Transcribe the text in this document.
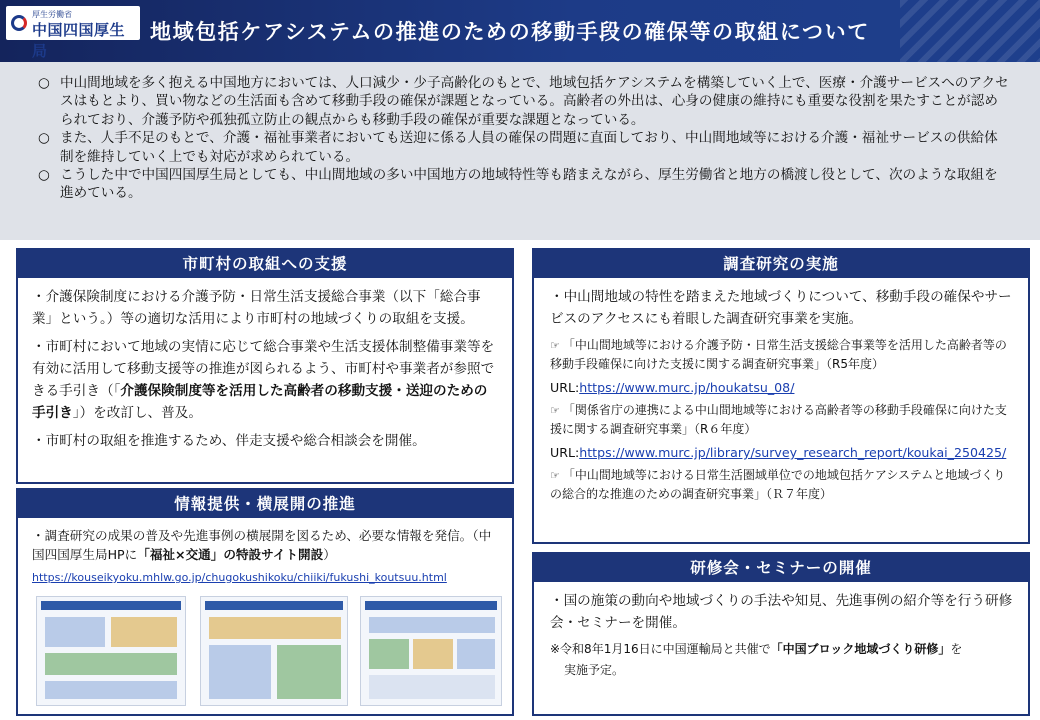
厚生労働省
中国四国厚生局
地域包括ケアシステムの推進のための移動手段の確保等の取組について

○ 中山間地域を多く抱える中国地方においては、人口減少・少子高齢化のもとで、地域包括ケアシステムを構築していく上で、医療・介護サービスへのアクセスはもとより、買い物などの生活面も含めて移動手段の確保が課題となっている。高齢者の外出は、心身の健康の維持にも重要な役割を果たすことが認められており、介護予防や孤独孤立防止の観点からも移動手段の確保が重要な課題となっている。

○ また、人手不足のもとで、介護・福祉事業者においても送迎に係る人員の確保の問題に直面しており、中山間地域等における介護・福祉サービスの供給体制を維持していく上でも対応が求められている。

○ こうした中で中国四国厚生局としても、中山間地域の多い中国地方の地域特性等も踏まえながら、厚生労働省と地方の橋渡し役として、次のような取組を進めている。

市町村の取組への支援

・介護保険制度における介護予防・日常生活支援総合事業（以下「総合事業」という。）等の適切な活用により市町村の地域づくりの取組を支援。

・市町村において地域の実情に応じて総合事業や生活支援体制整備事業等を有効に活用して移動支援等の推進が図られるよう、市町村や事業者が参照できる手引き（「介護保険制度等を活用した高齢者の移動支援・送迎のための手引き」）を改訂し、普及。

・市町村の取組を推進するため、伴走支援や総合相談会を開催。

情報提供・横展開の推進

・調査研究の成果の普及や先進事例の横展開を図るため、必要な情報を発信。（中国四国厚生局HPに「福祉×交通」の特設サイト開設）

https://kouseikyoku.mhlw.go.jp/chugokushikoku/chiiki/fukushi_koutsuu.html
調査研究の実施

・中山間地域の特性を踏まえた地域づくりについて、移動手段の確保やサービスのアクセスにも着眼した調査研究事業を実施。

☞ 「中山間地域等における介護予防・日常生活支援総合事業等を活用した高齢者等の移動手段確保に向けた支援に関する調査研究事業」（R5年度）

URL:https://www.murc.jp/houkatsu_08/

☞ 「関係省庁の連携による中山間地域等における高齢者等の移動手段確保に向けた支援に関する調査研究事業」（R６年度）

URL:https://www.murc.jp/library/survey_research_report/koukai_250425/

☞ 「中山間地域等における日常生活圏域単位での地域包括ケアシステムと地域づくりの総合的な推進のための調査研究事業」（Ｒ７年度）

研修会・セミナーの開催

・国の施策の動向や地域づくりの手法や知見、先進事例の紹介等を行う研修会・セミナーを開催。

※令和8年1月16日に中国運輸局と共催で「中国ブロック地域づくり研修」を

実施予定。
